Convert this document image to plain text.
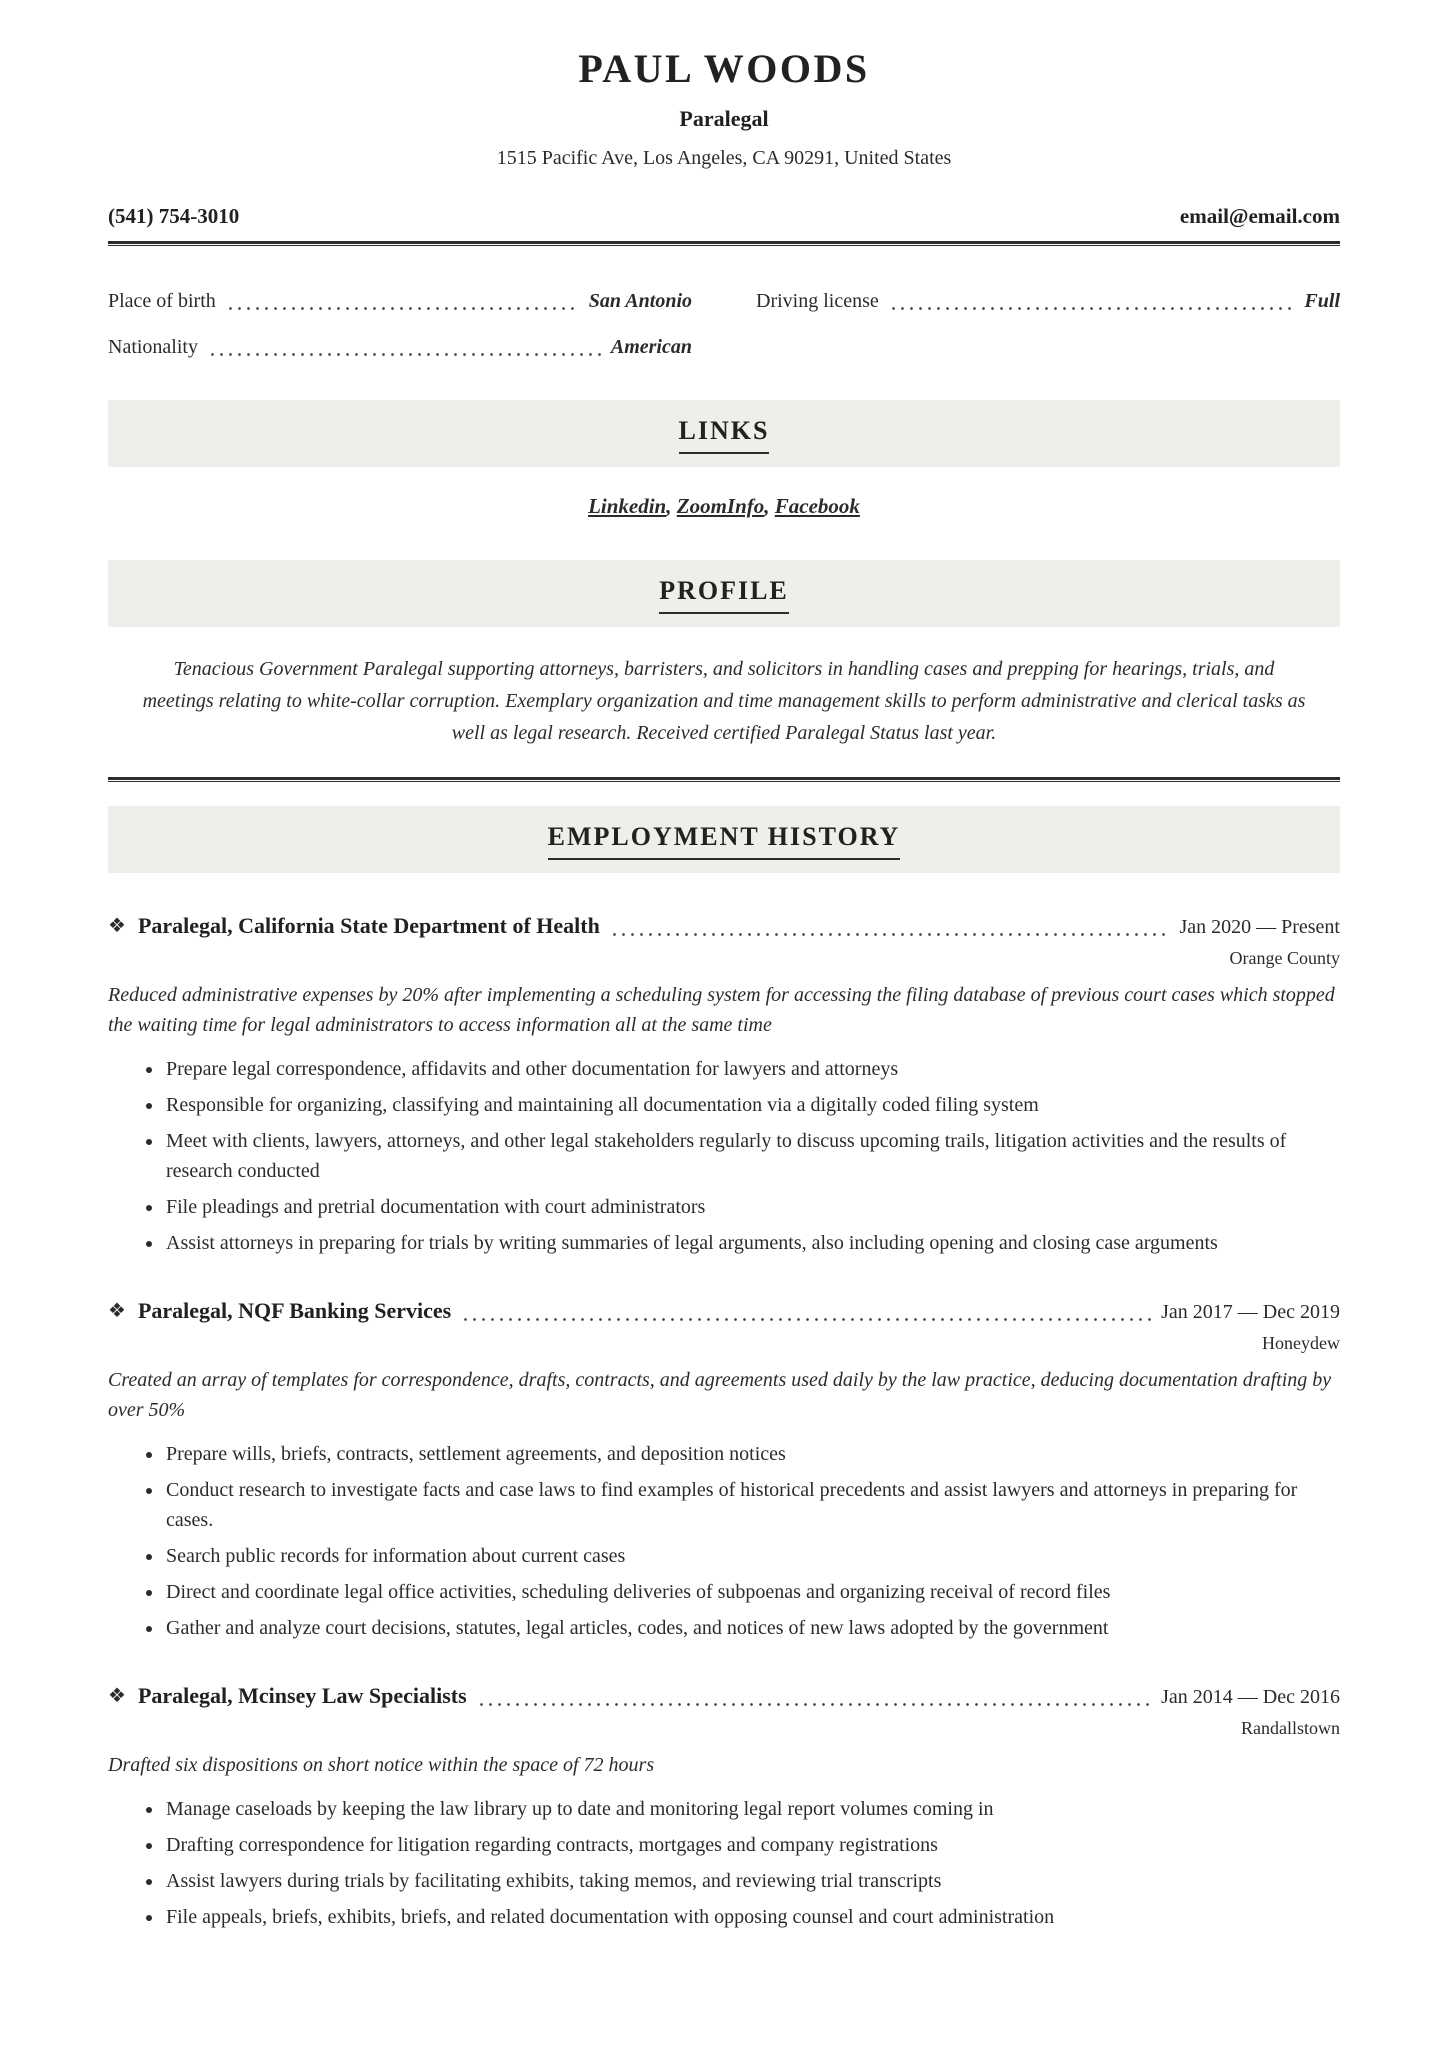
PAUL WOODS
Paralegal
1515 Pacific Ave, Los Angeles, CA 90291, United States
(541) 754-3010	email@email.com
Place of birth	San Antonio
Nationality	American
Driving license	Full
LINKS

Linkedin, ZoomInfo, Facebook

PROFILE

Tenacious Government Paralegal supporting attorneys, barristers, and solicitors in handling cases and prepping for hearings, trials, and meetings relating to white-collar corruption. Exemplary organization and time management skills to perform administrative and clerical tasks as well as legal research. Received certified Paralegal Status last year.

EMPLOYMENT HISTORY
❖ Paralegal, California State Department of Health	Jan 2020 — Present
Orange County

Reduced administrative expenses by 20% after implementing a scheduling system for accessing the filing database of previous court cases which stopped the waiting time for legal administrators to access information all at the same time

• Prepare legal correspondence, affidavits and other documentation for lawyers and attorneys
• Responsible for organizing, classifying and maintaining all documentation via a digitally coded filing system
• Meet with clients, lawyers, attorneys, and other legal stakeholders regularly to discuss upcoming trails, litigation activities and the results of research conducted
• File pleadings and pretrial documentation with court administrators
• Assist attorneys in preparing for trials by writing summaries of legal arguments, also including opening and closing case arguments
❖ Paralegal, NQF Banking Services	Jan 2017 — Dec 2019
Honeydew

Created an array of templates for correspondence, drafts, contracts, and agreements used daily by the law practice, deducing documentation drafting by over 50%

• Prepare wills, briefs, contracts, settlement agreements, and deposition notices
• Conduct research to investigate facts and case laws to find examples of historical precedents and assist lawyers and attorneys in preparing for cases.
• Search public records for information about current cases
• Direct and coordinate legal office activities, scheduling deliveries of subpoenas and organizing receival of record files
• Gather and analyze court decisions, statutes, legal articles, codes, and notices of new laws adopted by the government
❖ Paralegal, Mcinsey Law Specialists	Jan 2014 — Dec 2016
Randallstown

Drafted six dispositions on short notice within the space of 72 hours

• Manage caseloads by keeping the law library up to date and monitoring legal report volumes coming in
• Drafting correspondence for litigation regarding contracts, mortgages and company registrations
• Assist lawyers during trials by facilitating exhibits, taking memos, and reviewing trial transcripts
• File appeals, briefs, exhibits, briefs, and related documentation with opposing counsel and court administration
